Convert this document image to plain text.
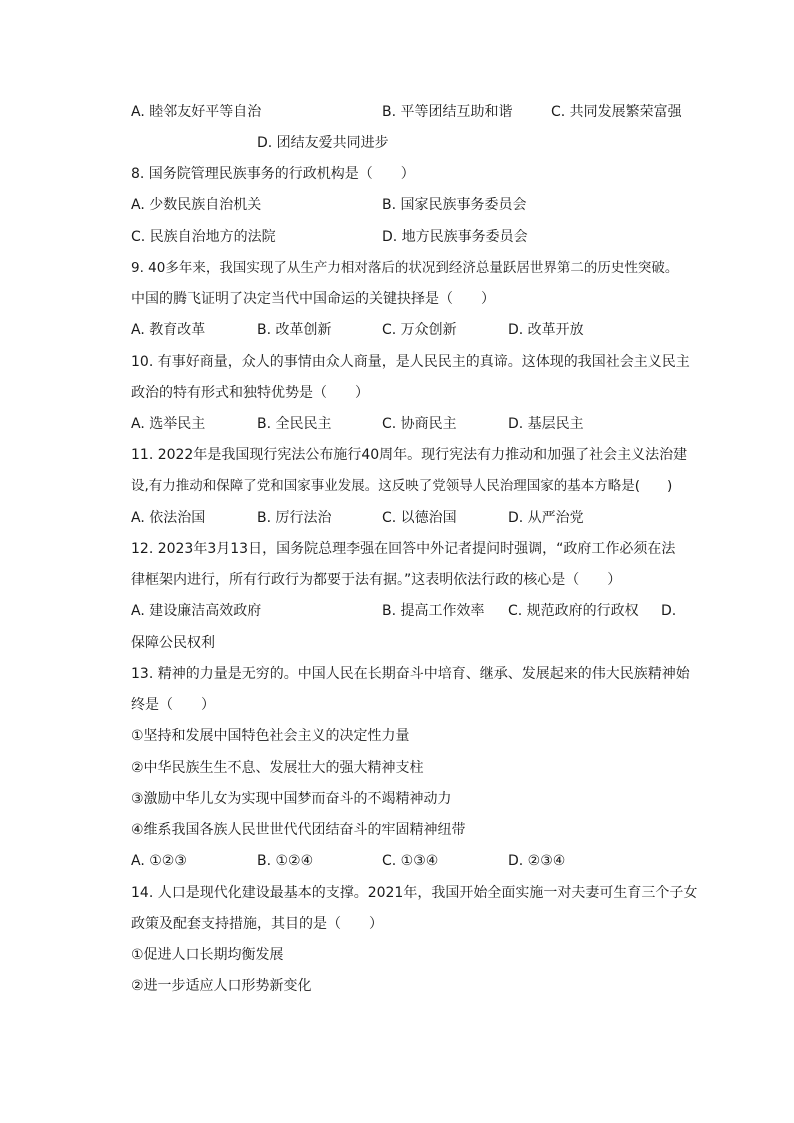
A. 睦邻友好平等自治	B. 平等团结互助和谐	C. 共同发展繁荣富强
D. 团结友爱共同进步
8. 国务院管理民族事务的行政机构是（　　）
A. 少数民族自治机关	B. 国家民族事务委员会
C. 民族自治地方的法院	D. 地方民族事务委员会
9. 40多年来，我国实现了从生产力相对落后的状况到经济总量跃居世界第二的历史性突破。
中国的腾飞证明了决定当代中国命运的关键抉择是（　　）
A. 教育改革	B. 改革创新	C. 万众创新	D. 改革开放
10. 有事好商量，众人的事情由众人商量，是人民民主的真谛。这体现的我国社会主义民主
政治的特有形式和独特优势是（　　）
A. 选举民主	B. 全民民主	C. 协商民主	D. 基层民主
11. 2022年是我国现行宪法公布施行40周年。现行宪法有力推动和加强了社会主义法治建
设,有力推动和保障了党和国家事业发展。这反映了党领导人民治理国家的基本方略是(　　)
A. 依法治国	B. 厉行法治	C. 以德治国	D. 从严治党
12. 2023年3月13日，国务院总理李强在回答中外记者提问时强调，“政府工作必须在法
律框架内进行，所有行政行为都要于法有据。”这表明依法行政的核心是（　　）
A. 建设廉洁高效政府	B. 提高工作效率 C. 规范政府的行政权 D.
保障公民权利
13. 精神的力量是无穷的。中国人民在长期奋斗中培育、继承、发展起来的伟大民族精神始
终是（　　）
①坚持和发展中国特色社会主义的决定性力量
②中华民族生生不息、发展壮大的强大精神支柱
③激励中华儿女为实现中国梦而奋斗的不竭精神动力
④维系我国各族人民世世代代团结奋斗的牢固精神纽带
A. ①②③	B. ①②④	C. ①③④	D. ②③④
14. 人口是现代化建设最基本的支撑。2021年，我国开始全面实施一对夫妻可生育三个子女
政策及配套支持措施，其目的是（　　）
①促进人口长期均衡发展
②进一步适应人口形势新变化
